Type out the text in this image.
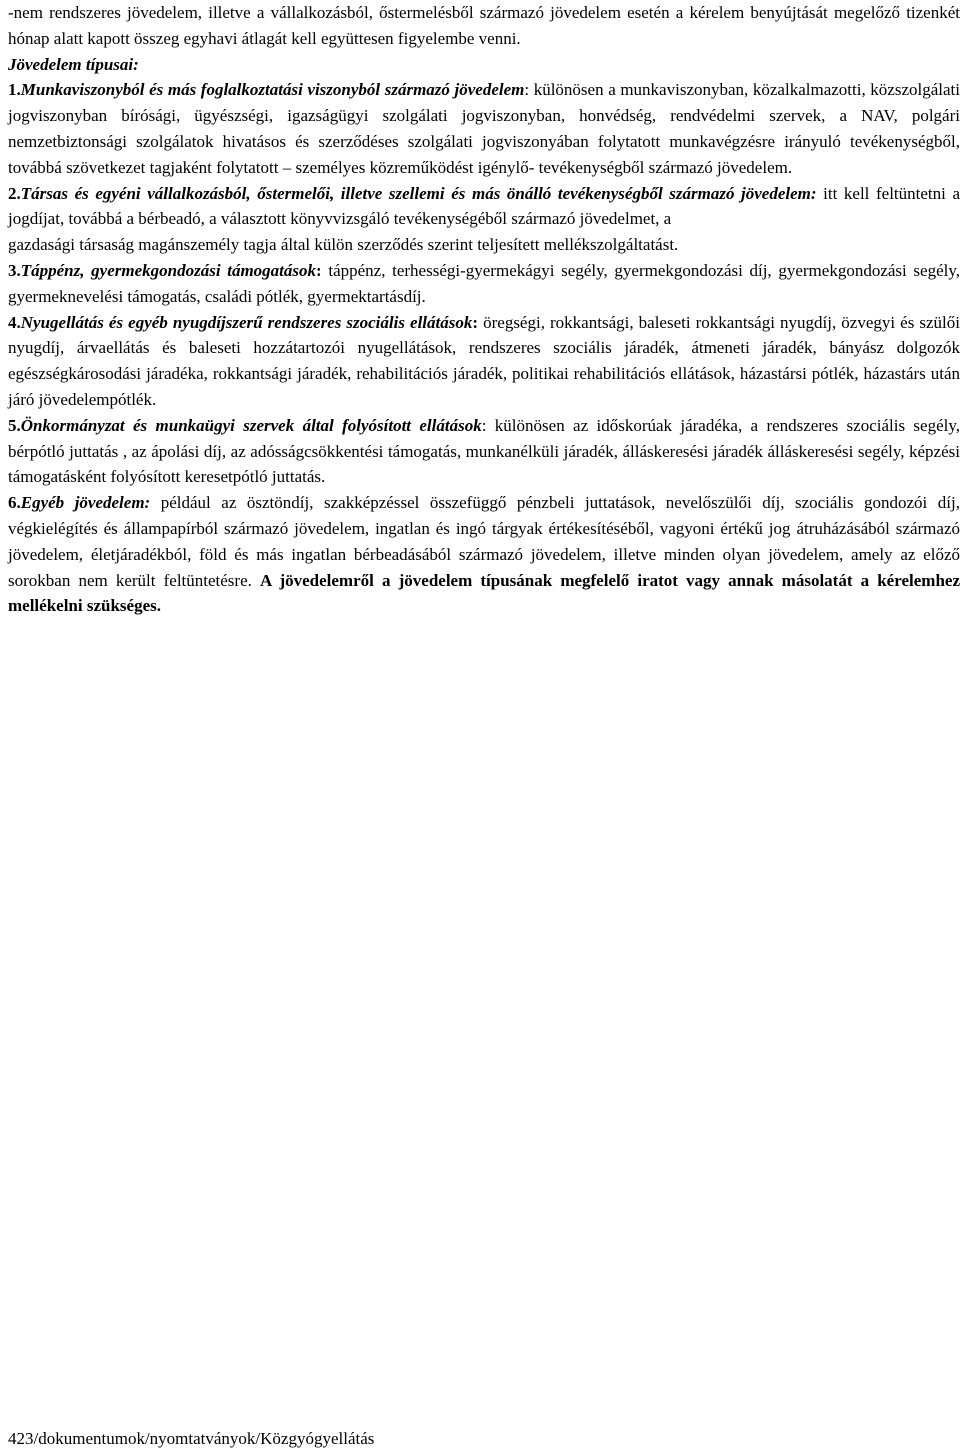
-nem rendszeres jövedelem, illetve a vállalkozásból, őstermelésből származó jövedelem esetén a kérelem benyújtását megelőző tizenkét hónap alatt kapott összeg egyhavi átlagát kell együttesen figyelembe venni.

Jövedelem típusai:

1.Munkaviszonyból és más foglalkoztatási viszonyból származó jövedelem: különösen a munkaviszonyban, közalkalmazotti, közszolgálati jogviszonyban bírósági, ügyészségi, igazságügyi szolgálati jogviszonyban, honvédség, rendvédelmi szervek, a NAV, polgári nemzetbiztonsági szolgálatok hivatásos és szerződéses szolgálati jogviszonyában folytatott munkavégzésre irányuló tevékenységből, továbbá szövetkezet tagjaként folytatott – személyes közreműködést igénylő- tevékenységből származó jövedelem.

2.Társas és egyéni vállalkozásból, őstermelői, illetve szellemi és más önálló tevékenységből származó jövedelem: itt kell feltüntetni a jogdíjat, továbbá a bérbeadó, a választott könyvvizsgáló tevékenységéből származó jövedelmet, a

gazdasági társaság magánszemély tagja által külön szerződés szerint teljesített mellékszolgáltatást.

3.Táppénz, gyermekgondozási támogatások: táppénz, terhességi-gyermekágyi segély, gyermekgondozási díj, gyermekgondozási segély, gyermeknevelési támogatás, családi pótlék, gyermektartásdíj.

4.Nyugellátás és egyéb nyugdíjszerű rendszeres szociális ellátások: öregségi, rokkantsági, baleseti rokkantsági nyugdíj, özvegyi és szülői nyugdíj, árvaellátás és baleseti hozzátartozói nyugellátások, rendszeres szociális járadék, átmeneti járadék, bányász dolgozók egészségkárosodási járadéka, rokkantsági járadék, rehabilitációs járadék, politikai rehabilitációs ellátások, házastársi pótlék, házastárs után járó jövedelempótlék.

5.Önkormányzat és munkaügyi szervek által folyósított ellátások: különösen az időskorúak járadéka, a rendszeres szociális segély, bérpótló juttatás , az ápolási díj, az adósságcsökkentési támogatás, munkanélküli járadék, álláskeresési járadék álláskeresési segély, képzési támogatásként folyósított keresetpótló juttatás.

6.Egyéb jövedelem: például az ösztöndíj, szakképzéssel összefüggő pénzbeli juttatások, nevelőszülői díj, szociális gondozói díj, végkielégítés és állampapírból származó jövedelem, ingatlan és ingó tárgyak értékesítéséből, vagyoni értékű jog átruházásából származó jövedelem, életjáradékból, föld és más ingatlan bérbeadásából származó jövedelem, illetve minden olyan jövedelem, amely az előző sorokban nem került feltüntetésre. A jövedelemről a jövedelem típusának megfelelő iratot vagy annak másolatát a kérelemhez mellékelni szükséges.

423/dokumentumok/nyomtatványok/Közgyógyellátás
